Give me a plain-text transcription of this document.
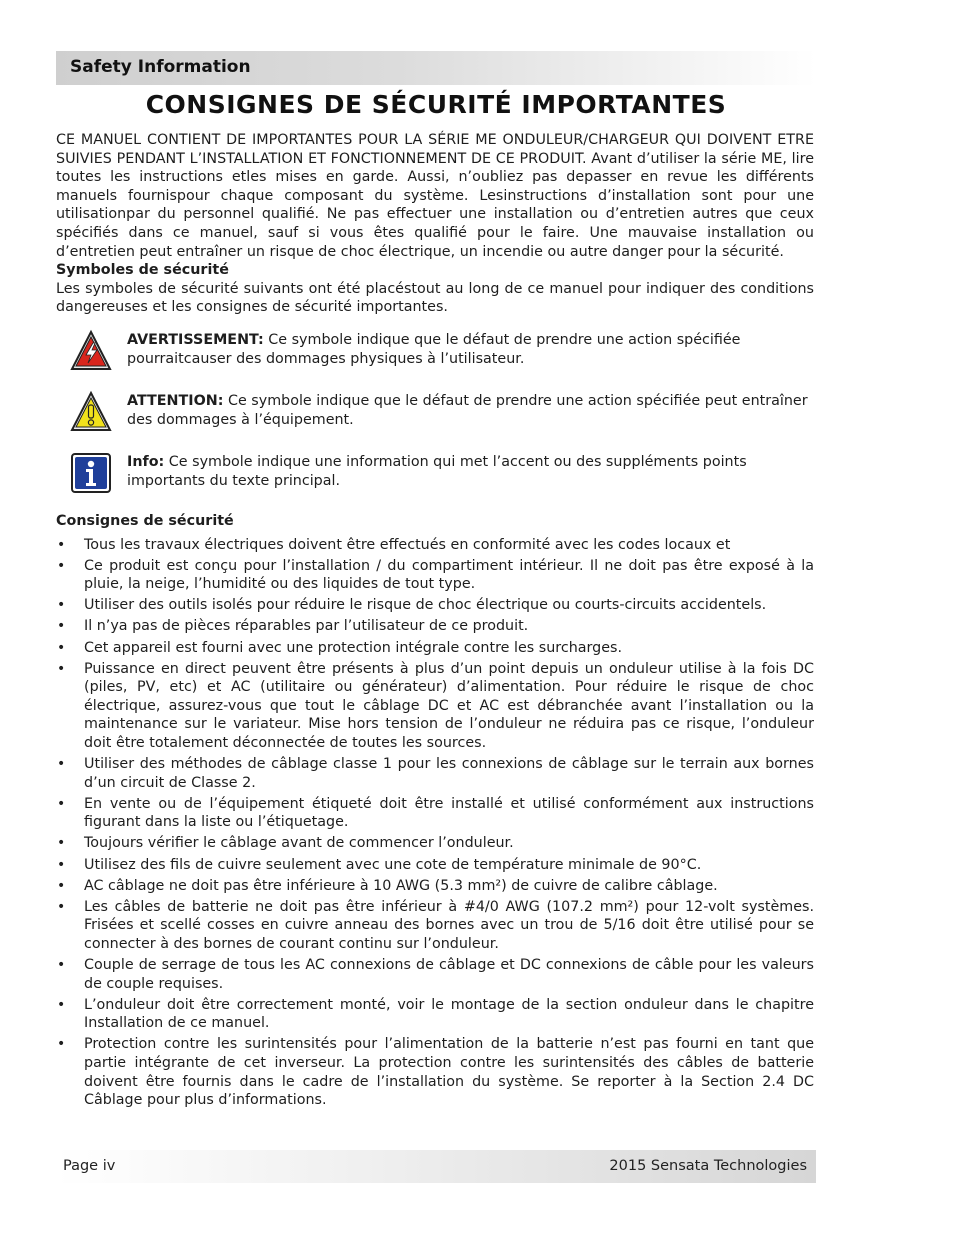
Safety Information
CONSIGNES DE SÉCURITÉ IMPORTANTES

CE MANUEL CONTIENT DE IMPORTANTES POUR LA SÉRIE ME ONDULEUR/CHARGEUR QUI DOIVENT ETRE SUIVIES PENDANT L’INSTALLATION ET FONCTIONNEMENT DE CE PRODUIT. Avant d’utiliser la série ME, lire toutes les instructions etles mises en garde. Aussi, n’oubliez pas depasser en revue les différents manuels fournispour chaque composant du système. Lesinstructions d’installation sont pour une utilisationpar du personnel qualifié. Ne pas effectuer une installation ou d’entretien autres que ceux spécifiés dans ce manuel, sauf si vous êtes qualifié pour le faire. Une mauvaise installation ou d’entretien peut entraîner un risque de choc électrique, un incendie ou autre danger pour la sécurité.

Symboles de sécurité

Les symboles de sécurité suivants ont été placéstout au long de ce manuel pour indiquer des conditions dangereuses et les consignes de sécurité importantes.

AVERTISSEMENT: Ce symbole indique que le défaut de prendre une action spécifiée pourraitcauser des dommages physiques à l’utilisateur.
ATTENTION: Ce symbole indique que le défaut de prendre une action spécifiée peut entraîner des dommages à l’équipement.
Info: Ce symbole indique une information qui met l’accent ou des suppléments points importants du texte principal.

Consignes de sécurité

• Tous les travaux électriques doivent être effectués en conformité avec les codes locaux et
• Ce produit est conçu pour l’installation / du compartiment intérieur. Il ne doit pas être exposé à la pluie, la neige, l’humidité ou des liquides de tout type.
• Utiliser des outils isolés pour réduire le risque de choc électrique ou courts-circuits accidentels.
• Il n’ya pas de pièces réparables par l’utilisateur de ce produit.
• Cet appareil est fourni avec une protection intégrale contre les surcharges.
• Puissance en direct peuvent être présents à plus d’un point depuis un onduleur utilise à la fois DC (piles, PV, etc) et AC (utilitaire ou générateur) d’alimentation. Pour réduire le risque de choc électrique, assurez-vous que tout le câblage DC et AC est débranchée avant l’installation ou la maintenance sur le variateur. Mise hors tension de l’onduleur ne réduira pas ce risque, l’onduleur doit être totalement déconnectée de toutes les sources.
• Utiliser des méthodes de câblage classe 1 pour les connexions de câblage sur le terrain aux bornes d’un circuit de Classe 2.
• En vente ou de l’équipement étiqueté doit être installé et utilisé conformément aux instructions figurant dans la liste ou l’étiquetage.
• Toujours vérifier le câblage avant de commencer l’onduleur.
• Utilisez des fils de cuivre seulement avec une cote de température minimale de 90°C.
• AC câblage ne doit pas être inférieure à 10 AWG (5.3 mm²) de cuivre de calibre câblage.
• Les câbles de batterie ne doit pas être inférieur à #4/0 AWG (107.2 mm²) pour 12-volt systèmes. Frisées et scellé cosses en cuivre anneau des bornes avec un trou de 5/16 doit être utilisé pour se connecter à des bornes de courant continu sur l’onduleur.
• Couple de serrage de tous les AC connexions de câblage et DC connexions de câble pour les valeurs de couple requises.
• L’onduleur doit être correctement monté, voir le montage de la section onduleur dans le chapitre Installation de ce manuel.
• Protection contre les surintensités pour l’alimentation de la batterie n’est pas fourni en tant que partie intégrante de cet inverseur. La protection contre les surintensités des câbles de batterie doivent être fournis dans le cadre de l’installation du système. Se reporter à la Section 2.4 DC Câblage pour plus d’informations.
Page iv	2015 Sensata Technologies
